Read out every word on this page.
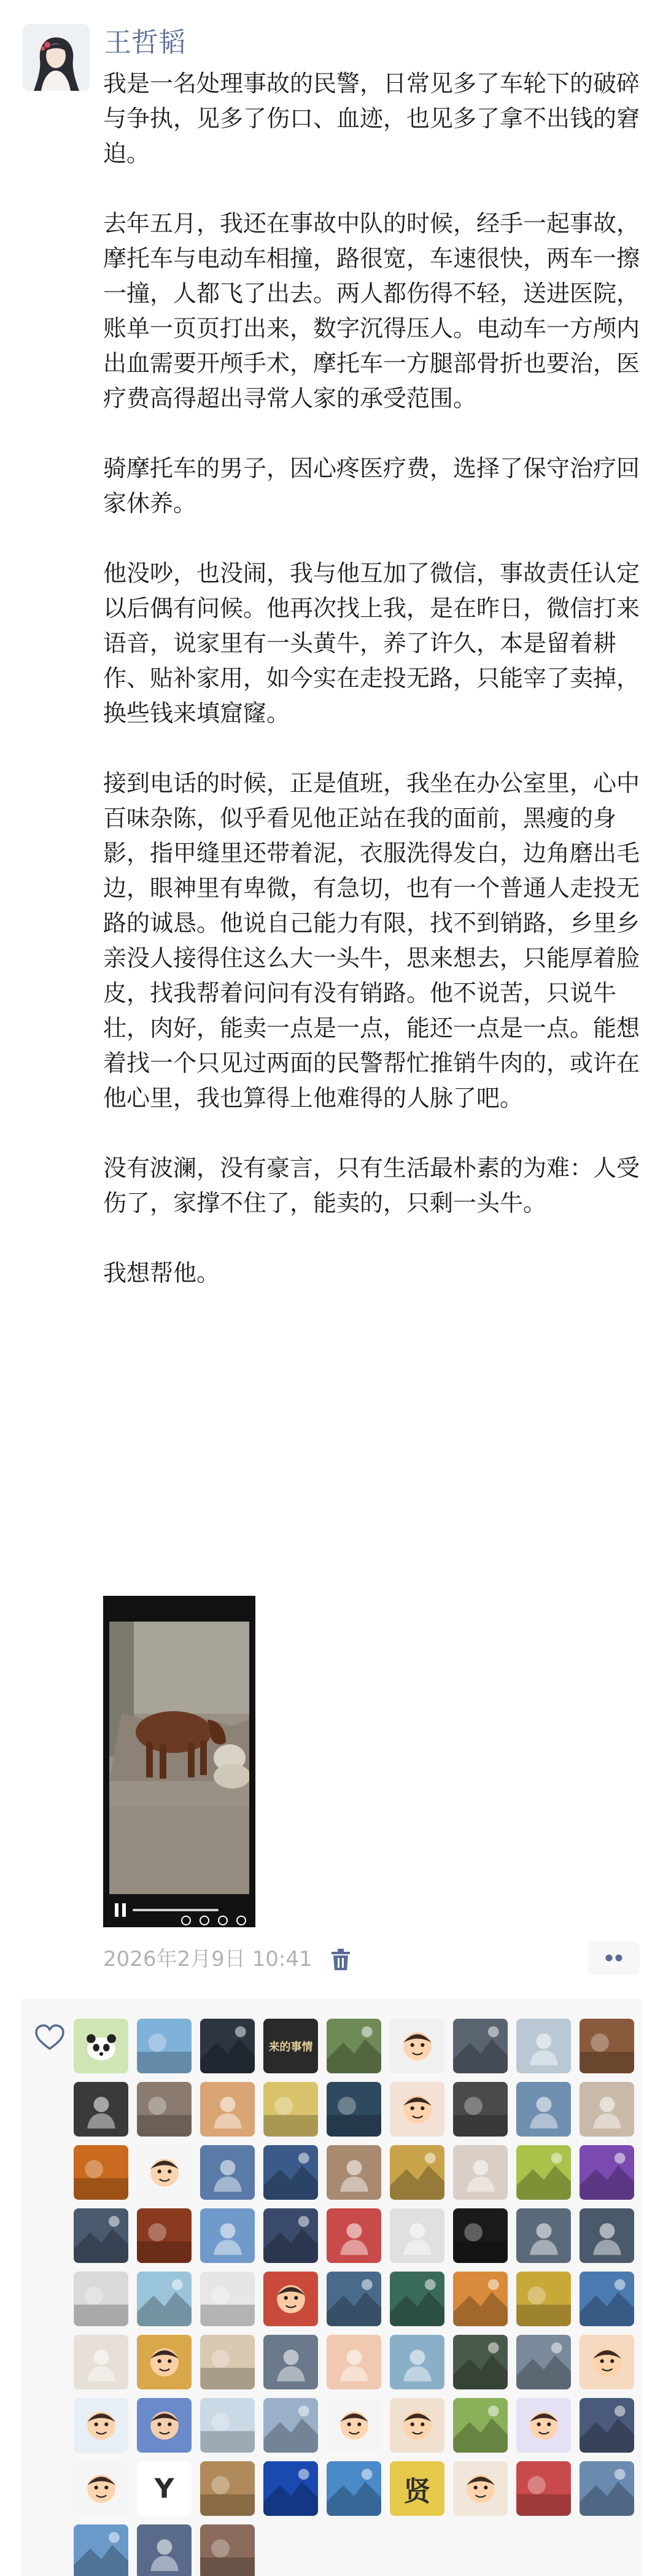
王哲韬

我是一名处理事故的民警，日常见多了车轮下的破碎与争执，见多了伤口、血迹，也见多了拿不出钱的窘迫。

去年五月，我还在事故中队的时候，经手一起事故，摩托车与电动车相撞，路很宽，车速很快，两车一擦一撞，人都飞了出去。两人都伤得不轻，送进医院，账单一页页打出来，数字沉得压人。电动车一方颅内出血需要开颅手术，摩托车一方腿部骨折也要治，医疗费高得超出寻常人家的承受范围。

骑摩托车的男子，因心疼医疗费，选择了保守治疗回家休养。

他没吵，也没闹，我与他互加了微信，事故责任认定以后偶有问候。他再次找上我，是在昨日，微信打来语音，说家里有一头黄牛，养了许久，本是留着耕作、贴补家用，如今实在走投无路，只能宰了卖掉，换些钱来填窟窿。

接到电话的时候，正是值班，我坐在办公室里，心中百味杂陈，似乎看见他正站在我的面前，黑瘦的身影，指甲缝里还带着泥，衣服洗得发白，边角磨出毛边，眼神里有卑微，有急切，也有一个普通人走投无路的诚恳。他说自己能力有限，找不到销路，乡里乡亲没人接得住这么大一头牛，思来想去，只能厚着脸皮，找我帮着问问有没有销路。他不说苦，只说牛壮，肉好，能卖一点是一点，能还一点是一点。能想着找一个只见过两面的民警帮忙推销牛肉的，或许在他心里，我也算得上他难得的人脉了吧。

没有波澜，没有豪言，只有生活最朴素的为难：人受伤了，家撑不住了，能卖的，只剩一头牛。

我想帮他。

2026年2月9日 10:41
来的事情
Y	贤
